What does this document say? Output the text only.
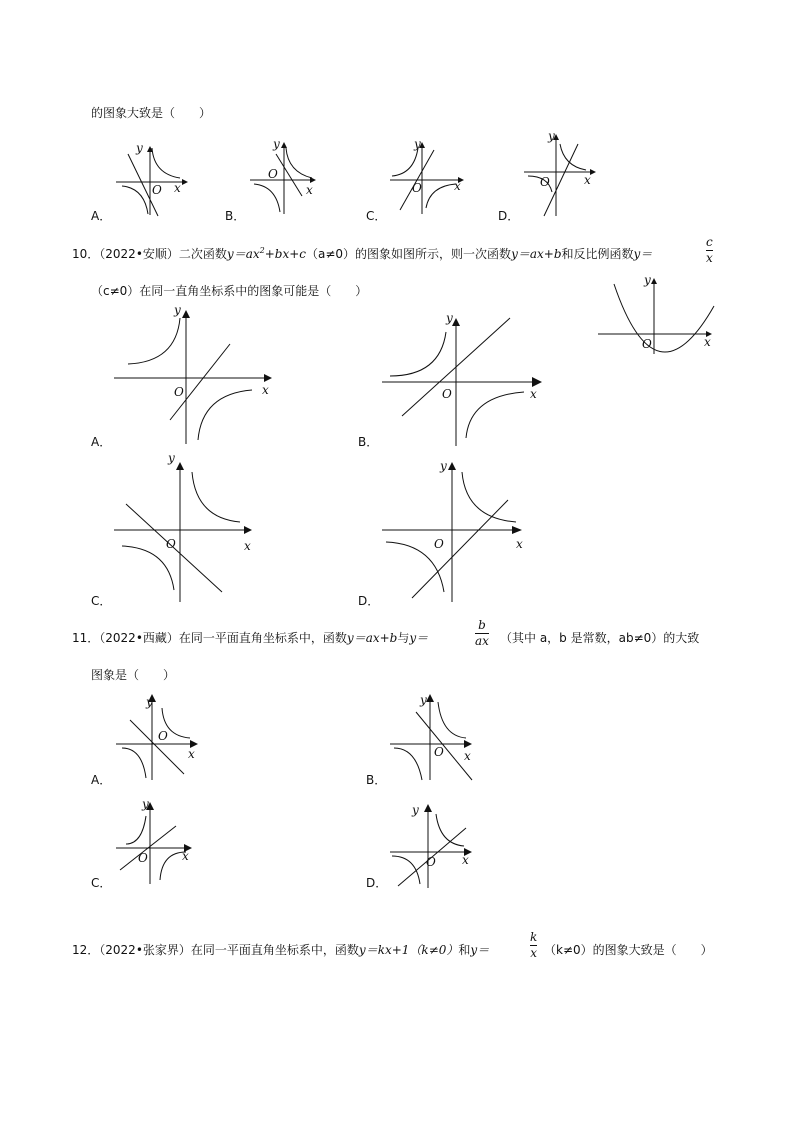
的图象大致是（　　）
y
O x
y
O
x
y
O	x
y
O	x
A．	B．	C．	D．
10．（2022•安顺）二次函数$y=ax^2+bx+c(a\ne 0)$的图象如图所示，则一次函数y＝ax+b和反比例函数y＝
c
x
（c≠0）在同一直角坐标系中的图象可能是（　　）
y
O	x
y
O	x
y
O	x
A．	B．
y
O	x
y
O	x
C．	D．
11．（2022•西藏）在同一平面直角坐标系中，函数y＝ax+b与y＝
b
ax （其中 a，b 是常数，ab≠0）的大致
图象是（　　）
y
O
x
y
O x
A．	B．
y
O	x
y
O x
C．	D．
12．（2022•张家界）在同一平面直角坐标系中，函数y＝kx+1（k≠0）和y＝
k
x （k≠0）的图象大致是（　　）
